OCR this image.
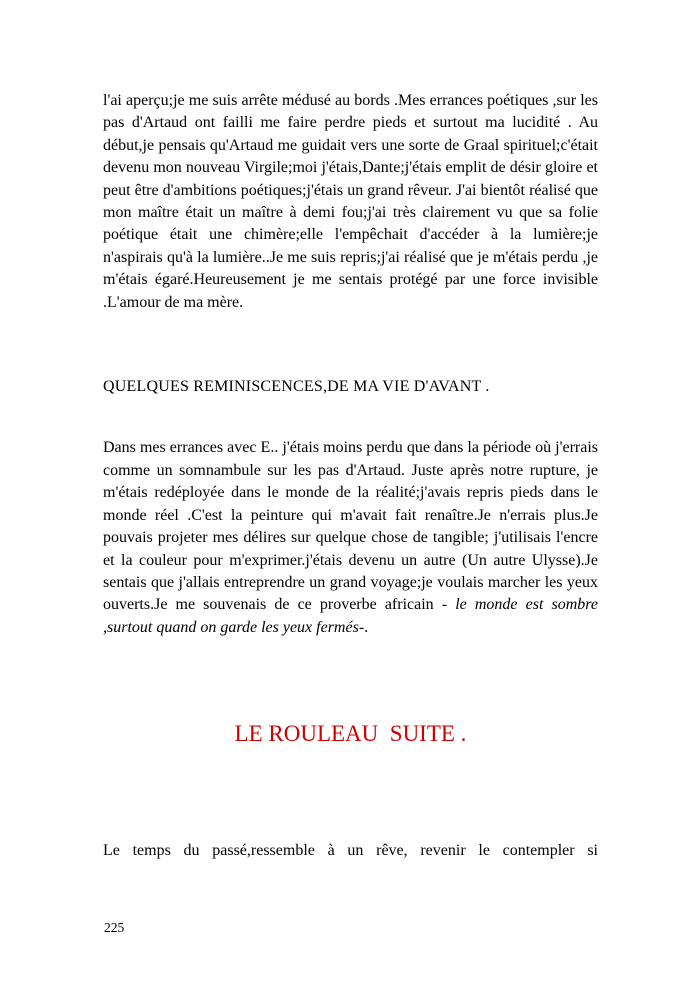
l'ai aperçu;je me suis arrête médusé au bords .Mes errances poétiques ,sur les pas d'Artaud ont failli me faire perdre pieds et surtout ma lucidité . Au début,je pensais qu'Artaud me guidait vers une sorte de Graal spirituel;c'était devenu mon nouveau Virgile;moi j'étais,Dante;j'étais emplit de désir gloire et peut être d'ambitions poétiques;j'étais un grand rêveur. J'ai bientôt réalisé que mon maître était un maître à demi fou;j'ai très clairement vu que sa folie poétique était une chimère;elle l'empêchait d'accéder à la lumière;je n'aspirais qu'à la lumière..Je me suis repris;j'ai réalisé que je m'étais perdu ,je m'étais égaré.Heureusement je me sentais protégé par une force invisible .L'amour de ma mère.

QUELQUES REMINISCENCES,DE MA VIE D'AVANT .

Dans mes errances avec E.. j'étais moins perdu que dans la période où j'errais comme un somnambule sur les pas d'Artaud. Juste après notre rupture, je m'étais redéployée dans le monde de la réalité;j'avais repris pieds dans le monde réel .C'est la peinture qui m'avait fait renaître.Je n'errais plus.Je pouvais projeter mes délires sur quelque chose de tangible; j'utilisais l'encre et la couleur pour m'exprimer.j'étais devenu un autre (Un autre Ulysse).Je sentais que j'allais entreprendre un grand voyage;je voulais marcher les yeux ouverts.Je me souvenais de ce proverbe africain - le monde est sombre ,surtout quand on garde les yeux fermés-.

LE ROULEAU  SUITE .

Le temps du passé,ressemble à un rêve, revenir le contempler si

225
